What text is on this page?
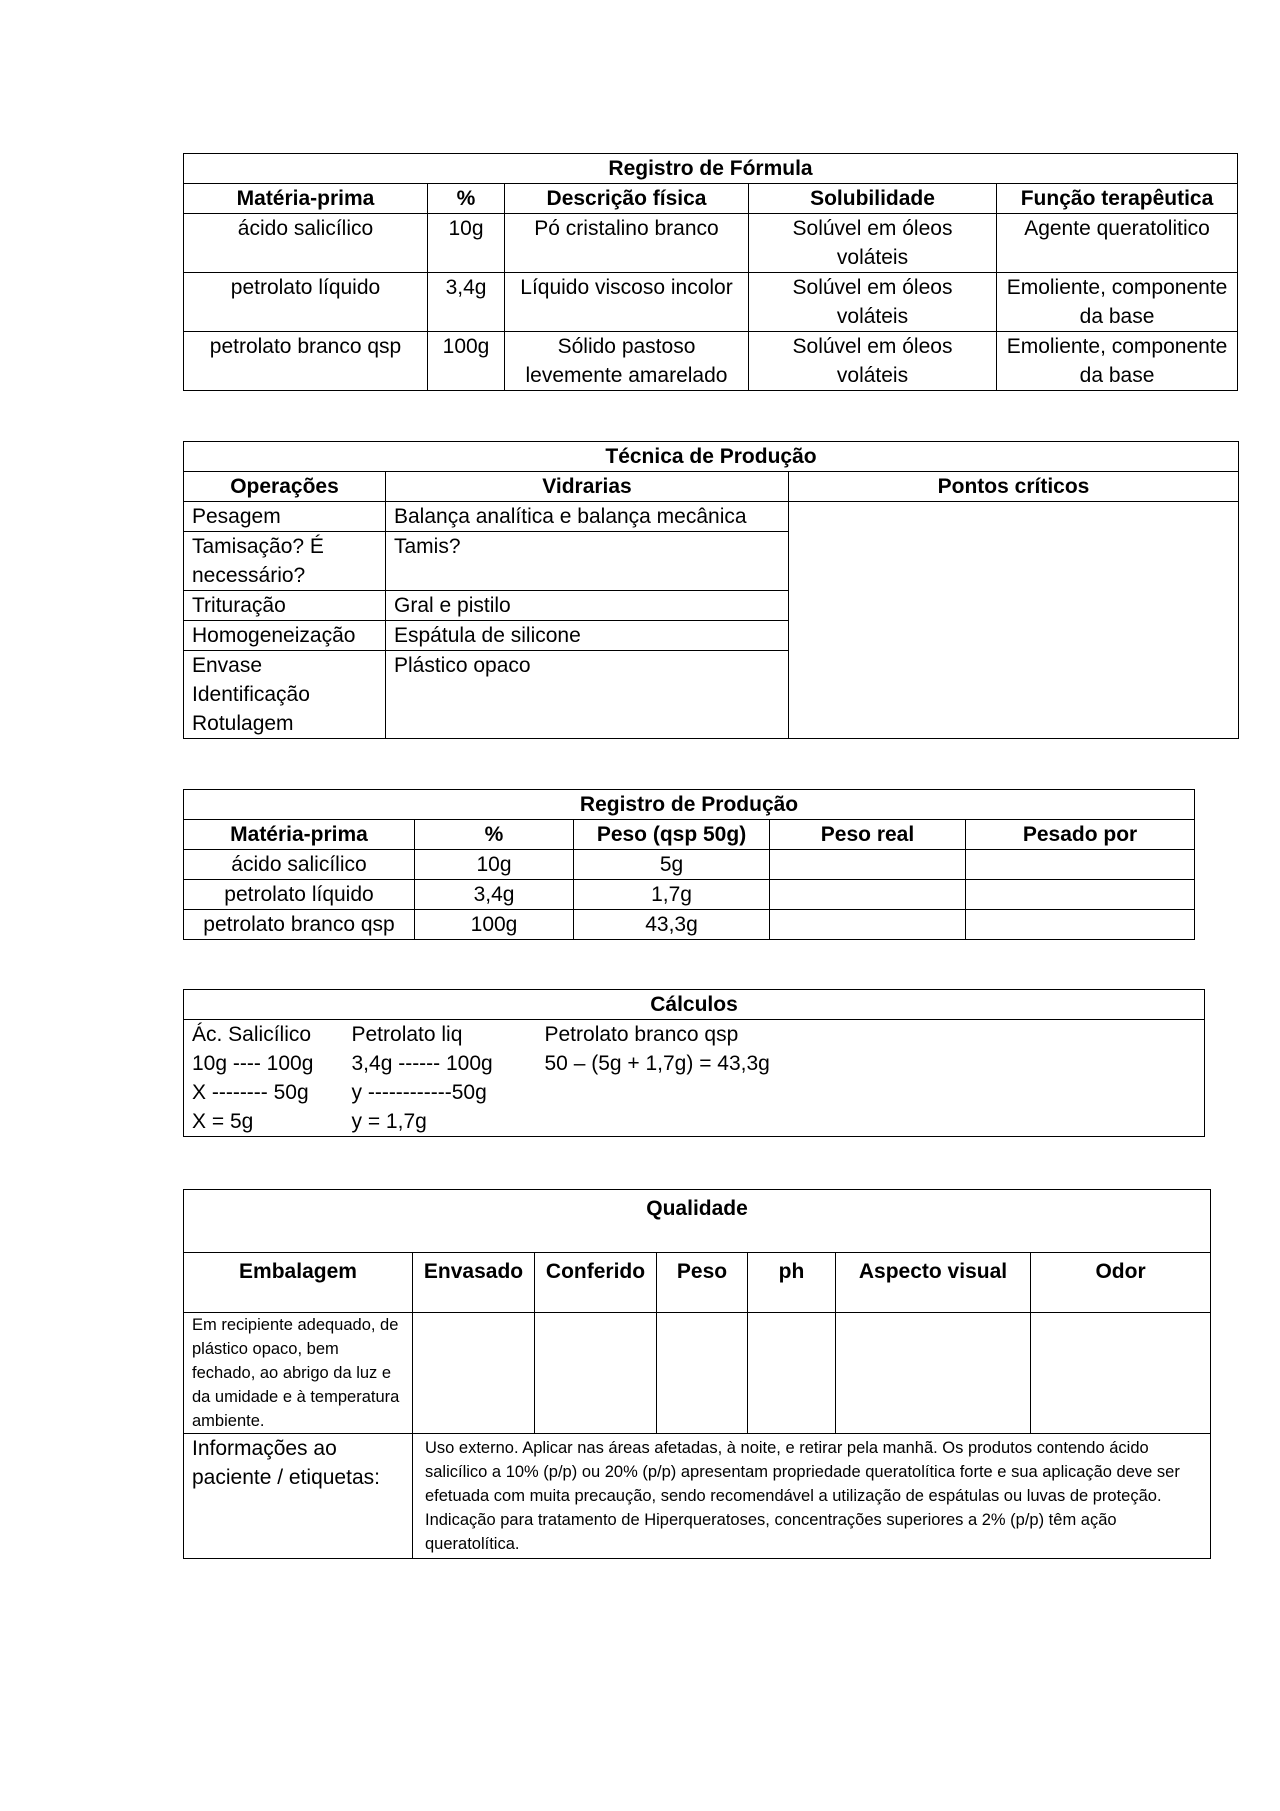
Registro de Fórmula				
Matéria-prima	%	Descrição física	Solubilidade	Função terapêutica
ácido salicílico	10g	Pó cristalino branco	Solúvel em óleos voláteis	Agente queratolitico
petrolato líquido	3,4g	Líquido viscoso incolor	Solúvel em óleos voláteis	Emoliente, componente da base
petrolato branco qsp	100g	Sólido pastoso levemente amarelado	Solúvel em óleos voláteis	Emoliente, componente da base
Técnica de Produção		
Operações	Vidrarias	Pontos críticos
Pesagem	Balança analítica e balança mecânica	
Tamisação? É necessário?	Tamis?	
Trituração	Gral e pistilo	
Homogeneização	Espátula de silicone	
Envase Identificação Rotulagem	Plástico opaco	
Registro de Produção				
Matéria-prima	%	Peso (qsp 50g)	Peso real	Pesado por
ácido salicílico	10g	5g		
petrolato líquido	3,4g	1,7g		
petrolato branco qsp	100g	43,3g		
Cálculos

Ác. Salicílico
10g ---- 100g
X -------- 50g
X = 5g

Petrolato liq
3,4g ------ 100g
y ------------50g
y = 1,7g

Petrolato branco qsp
50 – (5g + 1,7g) = 43,3g
Qualidade						
Embalagem	Envasado	Conferido	Peso	ph	Aspecto visual	Odor
Em recipiente adequado, de plástico opaco, bem fechado, ao abrigo da luz e da umidade e à temperatura ambiente.						
Informações ao paciente / etiquetas:	Uso externo. Aplicar nas áreas afetadas, à noite, e retirar pela manhã. Os produtos contendo ácido salicílico a 10% (p/p) ou 20% (p/p) apresentam propriedade queratolítica forte e sua aplicação deve ser efetuada com muita precaução, sendo recomendável a utilização de espátulas ou luvas de proteção.
Indicação para tratamento de Hiperqueratoses, concentrações superiores a 2% (p/p) têm ação queratolítica.					
